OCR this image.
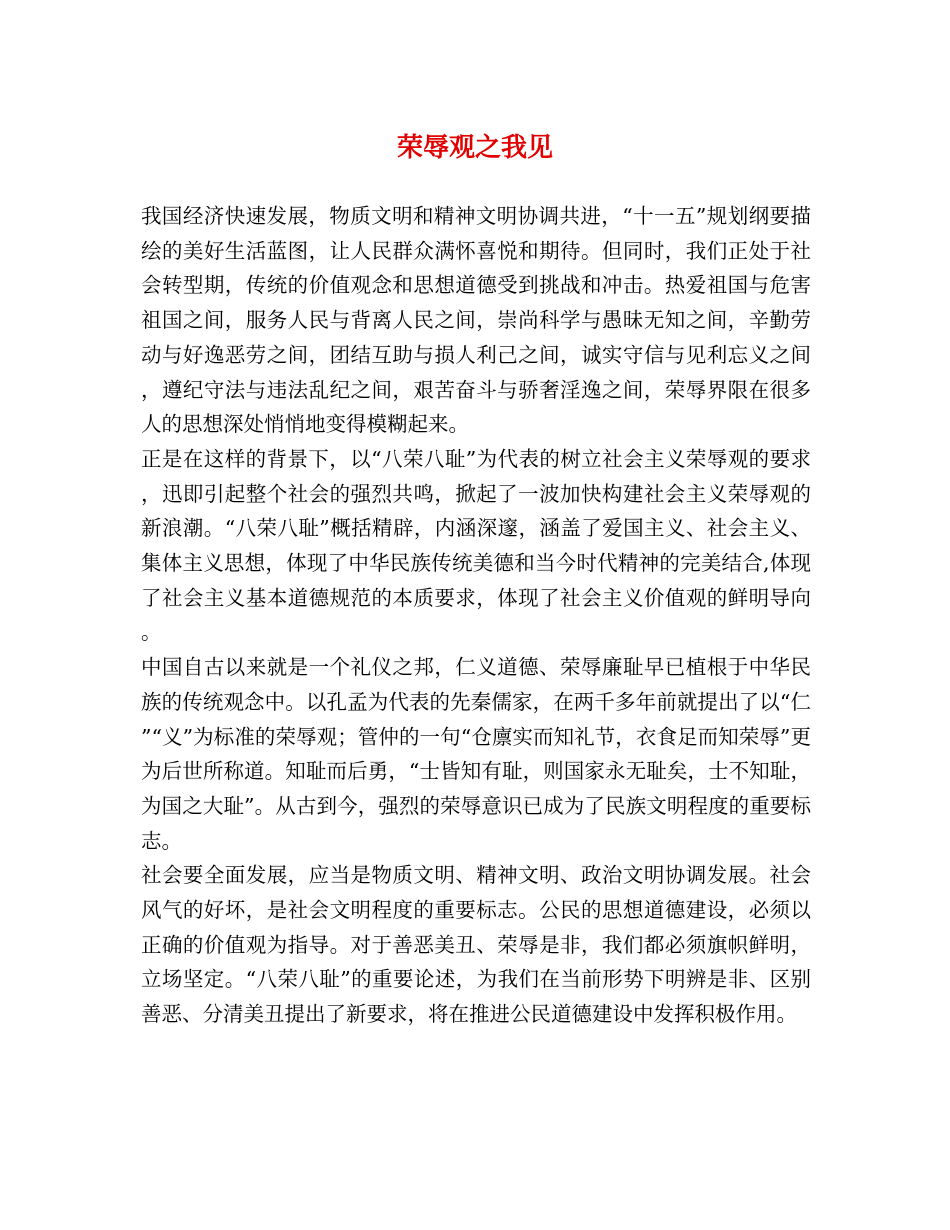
荣辱观之我见

我国经济快速发展，物质文明和精神文明协调共进，“十一五”规划纲要描绘的美好生活蓝图，让人民群众满怀喜悦和期待。但同时，我们正处于社会转型期，传统的价值观念和思想道德受到挑战和冲击。热爱祖国与危害祖国之间，服务人民与背离人民之间，崇尚科学与愚昧无知之间，辛勤劳动与好逸恶劳之间，团结互助与损人利己之间，诚实守信与见利忘义之间，遵纪守法与违法乱纪之间，艰苦奋斗与骄奢淫逸之间，荣辱界限在很多人的思想深处悄悄地变得模糊起来。

正是在这样的背景下，以“八荣八耻”为代表的树立社会主义荣辱观的要求，迅即引起整个社会的强烈共鸣，掀起了一波加快构建社会主义荣辱观的新浪潮。“八荣八耻”概括精辟，内涵深邃，涵盖了爱国主义、社会主义、集体主义思想，体现了中华民族传统美德和当今时代精神的完美结合,体现了社会主义基本道德规范的本质要求，体现了社会主义价值观的鲜明导向。

中国自古以来就是一个礼仪之邦，仁义道德、荣辱廉耻早已植根于中华民族的传统观念中。以孔孟为代表的先秦儒家，在两千多年前就提出了以“仁”“义”为标准的荣辱观；管仲的一句“仓廪实而知礼节，衣食足而知荣辱”更为后世所称道。知耻而后勇，“士皆知有耻，则国家永无耻矣，士不知耻，为国之大耻”。从古到今，强烈的荣辱意识已成为了民族文明程度的重要标志。

社会要全面发展，应当是物质文明、精神文明、政治文明协调发展。社会风气的好坏，是社会文明程度的重要标志。公民的思想道德建设，必须以正确的价值观为指导。对于善恶美丑、荣辱是非，我们都必须旗帜鲜明，立场坚定。“八荣八耻”的重要论述，为我们在当前形势下明辨是非、区别善恶、分清美丑提出了新要求，将在推进公民道德建设中发挥积极作用。
